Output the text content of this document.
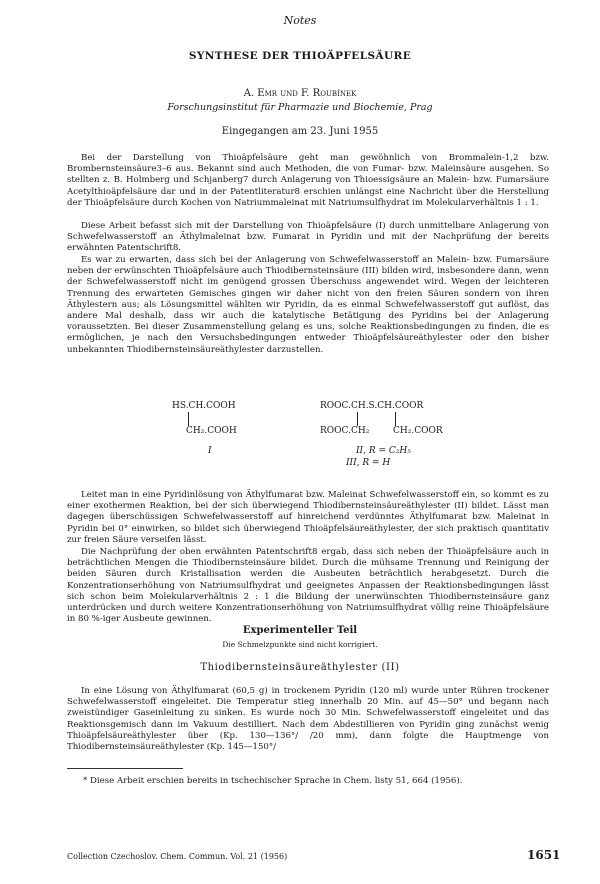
Notes
SYNTHESE DER THIOÄPFELSÄURE
A. Emr und F. Roubínek
Forschungsinstitut für Pharmazie und Biochemie, Prag
Eingegangen am 23. Juni 1955

Bei der Darstellung von Thioäpfelsäure geht man gewöhnlich von Brommalein-1,2 bzw. Brombernsteinsäure3–6 aus. Bekannt sind auch Methoden, die von Fumar- bzw. Maleinsäure ausgehen. So stellten z. B. Holmberg und Schjanberg7 durch Anlagerung von Thioessigsäure an Malein- bzw. Fumarsäure Acetylthioäpfelsäure dar und in der Patentliteratur8 erschien unlängst eine Nachricht über die Herstellung der Thioäpfelsäure durch Kochen von Natriummaleinat mit Natriumsulfhydrat im Molekularverhältnis 1 : 1.

Diese Arbeit befasst sich mit der Darstellung von Thioäpfelsäure (I) durch unmittelbare Anlagerung von Schwefelwasserstoff an Äthylmaleinat bzw. Fumarat in Pyridin und mit der Nachprüfung der bereits erwähnten Patentschrift8.

Es war zu erwarten, dass sich bei der Anlagerung von Schwefelwasserstoff an Malein- bzw. Fumarsäure neben der erwünschten Thioäpfelsäure auch Thiodibernsteinsäure (III) bilden wird, insbesondere dann, wenn der Schwefelwasserstoff nicht im genügend grossen Überschuss angewendet wird. Wegen der leichteren Trennung des erwarteten Gemisches gingen wir daher nicht von den freien Säuren sondern von ihren Äthylestern aus; als Lösungsmittel wählten wir Pyridin, da es einmal Schwefelwasserstoff gut auflöst, das andere Mal deshalb, dass wir auch die katalytische Betätigung des Pyridins bei der Anlagerung voraussetzten. Bei dieser Zusammenstellung gelang es uns, solche Reaktionsbedingungen zu finden, die es ermöglichen, je nach den Versuchsbedingungen entweder Thioäpfelsäureäthylester oder den bisher unbekannten Thiodibernsteinsäureäthylester darzustellen.

HS.CH.COOH
CH₂.COOH
I
ROOC.CH.S.CH.COOR
ROOC.CH₂	CH₂.COOR
II, R = C₂H₅
III, R = H

Leitet man in eine Pyridinlösung von Äthylfumarat bzw. Maleinat Schwefelwasserstoff ein, so kommt es zu einer exothermen Reaktion, bei der sich überwiegend Thiodibernsteinsäureäthylester (II) bildet. Lässt man dagegen überschüssigen Schwefelwasserstoff auf hinreichend verdünntes Äthylfumarat bzw. Maleinat in Pyridin bei 0° einwirken, so bildet sich überwiegend Thioäpfelsäureäthylester, der sich praktisch quantitativ zur freien Säure verseifen lässt.

Die Nachprüfung der oben erwähnten Patentschrift8 ergab, dass sich neben der Thioäpfelsäure auch in beträchtlichen Mengen die Thiodibernsteinsäure bildet. Durch die mühsame Trennung und Reinigung der beiden Säuren durch Kristallisation werden die Ausbeuten beträchtlich herabgesetzt. Durch die Konzentrationserhöhung von Natriumsulfhydrat und geeignetes Anpassen der Reaktionsbedingungen lässt sich schon beim Molekularverhältnis 2 : 1 die Bildung der unerwünschten Thiodibernsteinsäure ganz unterdrücken und durch weitere Konzentrationserhöhung von Natriumsulfhydrat völlig reine Thioäpfelsäure in 80 %-iger Ausbeute gewinnen.

Experimenteller Teil
Die Schmelzpunkte sind nicht korrigiert.
Thiodibernsteinsäureäthylester (II)

In eine Lösung von Äthylfumarat (60,5 g) in trockenem Pyridin (120 ml) wurde unter Rühren trockener Schwefelwasserstoff eingeleitet. Die Temperatur stieg innerhalb 20 Min. auf 45—50° und begann nach zweistündiger Gaseinleitung zu sinken. Es wurde noch 30 Min. Schwefelwasserstoff eingeleitet und das Reaktionsgemisch dann im Vakuum destilliert. Nach dem Abdestillieren von Pyridin ging zunächst wenig Thioäpfelsäureäthylester über (Kp. 130—136°/ /20 mm), dann folgte die Hauptmenge von Thiodibernsteinsäureäthylester (Kp. 145—150°/

* Diese Arbeit erschien bereits in tschechischer Sprache in Chem. listy 51, 664 (1956).
Collection Czechoslov. Chem. Commun. Vol. 21 (1956)	1651
